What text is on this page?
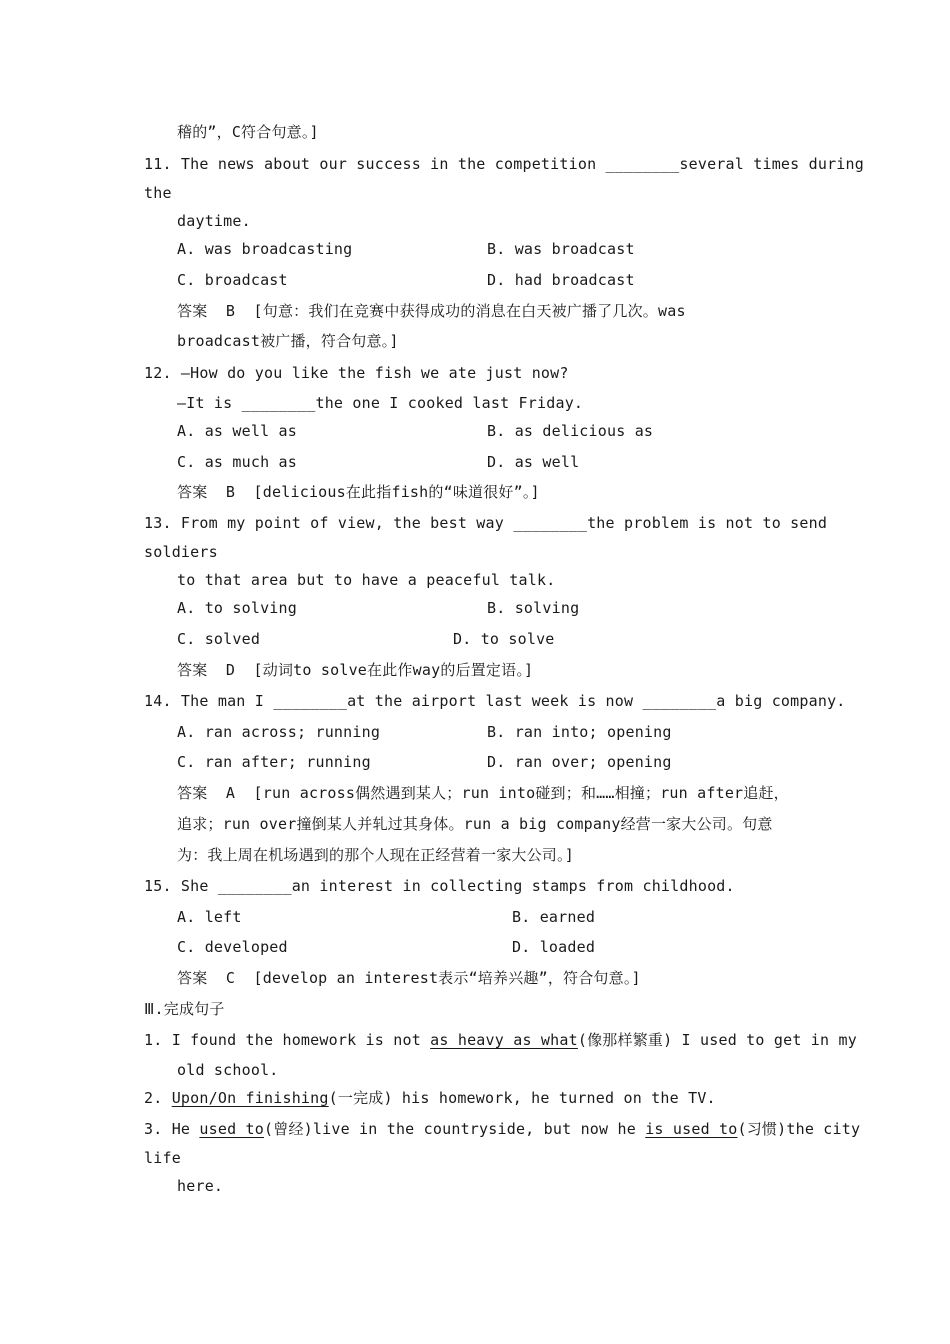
稽的”，C符合句意。]
11. The news about our success in the competition ________several times during
the
daytime.
A. was broadcasting	B. was broadcast
C. broadcast	D. had broadcast
答案  B  [句意：我们在竞赛中获得成功的消息在白天被广播了几次。was
broadcast被广播，符合句意。]
12. —How do you like the fish we ate just now?
—It is ________the one I cooked last Friday.
A. as well as	B. as delicious as
C. as much as	D. as well
答案  B  [delicious在此指fish的“味道很好”。]
13. From my point of view, the best way ________the problem is not to send
soldiers
to that area but to have a peaceful talk.
A. to solving	B. solving
C. solved	D. to solve
答案  D  [动词to solve在此作way的后置定语。]
14. The man I ________at the airport last week is now ________a big company.
A. ran across; running	B. ran into; opening
C. ran after; running	D. ran over; opening
答案  A  [run across偶然遇到某人；run into碰到；和……相撞；run after追赶，
追求；run over撞倒某人并轧过其身体。run a big company经营一家大公司。句意
为：我上周在机场遇到的那个人现在正经营着一家大公司。]
15. She ________an interest in collecting stamps from childhood.
A. left	B. earned
C. developed	D. loaded
答案  C  [develop an interest表示“培养兴趣”，符合句意。]
Ⅲ.完成句子
1. I found the homework is not as heavy as what(像那样繁重) I used to get in my
old school.
2. Upon/On finishing(一完成) his homework, he turned on the TV.
3. He used to(曾经)live in the countryside, but now he is used to(习惯)the city
life
here.
